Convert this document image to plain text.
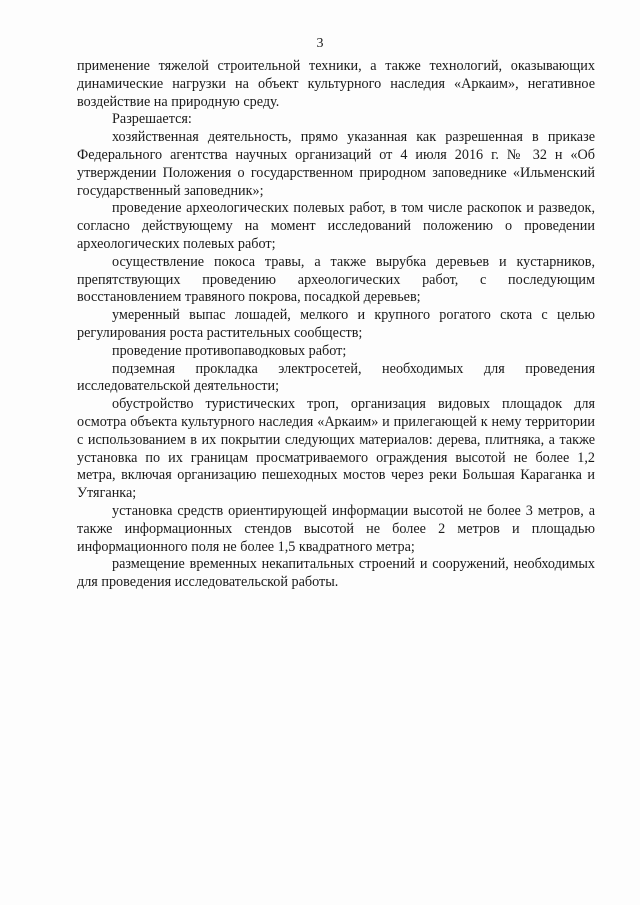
3

применение тяжелой строительной техники, а также технологий, оказывающих динамические нагрузки на объект культурного наследия «Аркаим», негативное воздействие на природную среду.

Разрешается:

хозяйственная деятельность, прямо указанная как разрешенная в приказе Федерального агентства научных организаций от 4 июля 2016 г. № 32 н «Об утверждении Положения о государственном природном заповеднике «Ильменский государственный заповедник»;

проведение археологических полевых работ, в том числе раскопок и разведок, согласно действующему на момент исследований положению о проведении археологических полевых работ;

осуществление покоса травы, а также вырубка деревьев и кустарников, препятствующих проведению археологических работ, с последующим восстановлением травяного покрова, посадкой деревьев;

умеренный выпас лошадей, мелкого и крупного рогатого скота с целью регулирования роста растительных сообществ;

проведение противопаводковых работ;

подземная прокладка электросетей, необходимых для проведения исследовательской деятельности;

обустройство туристических троп, организация видовых площадок для осмотра объекта культурного наследия «Аркаим» и прилегающей к нему территории с использованием в их покрытии следующих материалов: дерева, плитняка, а также установка по их границам просматриваемого ограждения высотой не более 1,2 метра, включая организацию пешеходных мостов через реки Большая Караганка и Утяганка;

установка средств ориентирующей информации высотой не более 3 метров, а также информационных стендов высотой не более 2 метров и площадью информационного поля не более 1,5 квадратного метра;

размещение временных некапитальных строений и сооружений, необходимых для проведения исследовательской работы.
